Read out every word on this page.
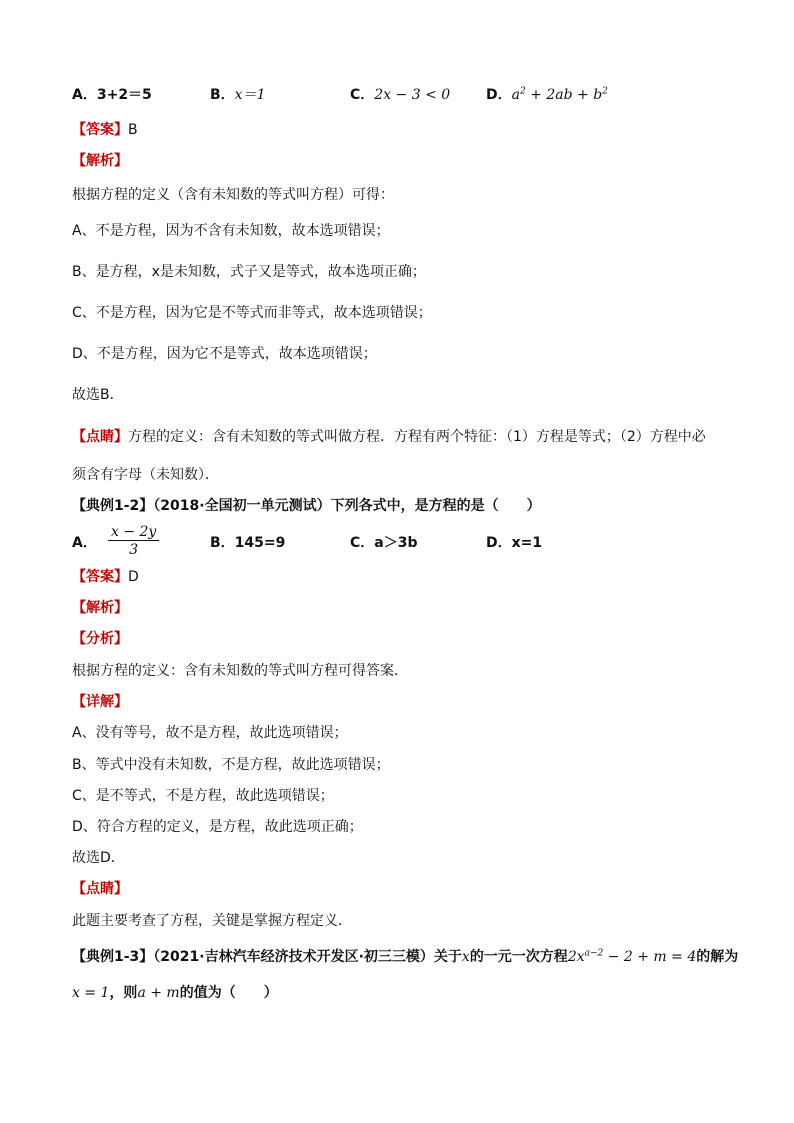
A．3+2＝5	B．x＝1	C．2x − 3 < 0	D．$a^2 + 2ab + b^2$
【答案】B
【解析】
根据方程的定义（含有未知数的等式叫方程）可得：
A、不是方程，因为不含有未知数，故本选项错误；
B、是方程，x是未知数，式子又是等式，故本选项正确；
C、不是方程，因为它是不等式而非等式，故本选项错误；
D、不是方程，因为它不是等式，故本选项错误；
故选B．
【点睛】方程的定义：含有未知数的等式叫做方程．方程有两个特征：（1）方程是等式；（2）方程中必
须含有字母（未知数）．
【典例1-2】（2018·全国初一单元测试）下列各式中，是方程的是（　　）
A． $\frac{x - 2y}{3}$	B．145=9	C．a＞3b	D．x=1
【答案】D
【解析】
【分析】
根据方程的定义：含有未知数的等式叫方程可得答案．
【详解】
A、没有等号，故不是方程，故此选项错误；
B、等式中没有未知数，不是方程，故此选项错误；
C、是不等式，不是方程，故此选项错误；
D、符合方程的定义，是方程，故此选项正确；
故选D．
【点睛】
此题主要考查了方程，关键是掌握方程定义．
【典例1-3】（2021·吉林汽车经济技术开发区·初三三模）关于x的一元一次方程$2x^{a-2} - 2 + m = 4$的解为
x = 1，则a + m的值为（　　）
